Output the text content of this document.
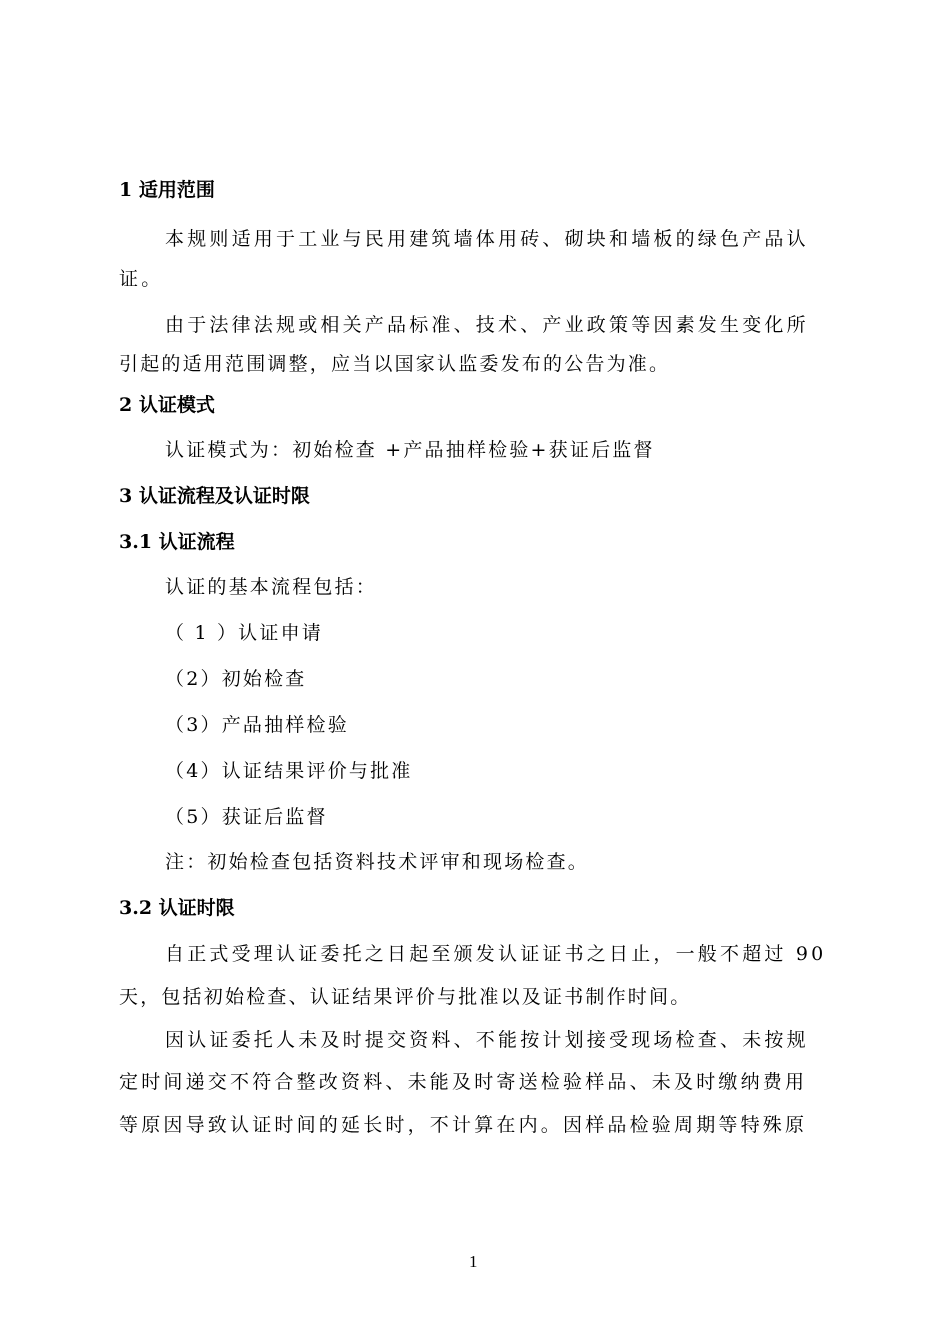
1 适用范围
本规则适用于工业与民用建筑墙体用砖、砌块和墙板的绿色产品认
证。
由于法律法规或相关产品标准、技术、产业政策等因素发生变化所
引起的适用范围调整，应当以国家认监委发布的公告为准。
2 认证模式
认证模式为：初始检查 +产品抽样检验+获证后监督
3 认证流程及认证时限
3.1 认证流程
认证的基本流程包括：
（ 1 ）认证申请
（2）初始检查
（3）产品抽样检验
（4）认证结果评价与批准
（5）获证后监督
注：初始检查包括资料技术评审和现场检查。
3.2 认证时限
自正式受理认证委托之日起至颁发认证证书之日止，一般不超过 90
天，包括初始检查、认证结果评价与批准以及证书制作时间。
因认证委托人未及时提交资料、不能按计划接受现场检查、未按规
定时间递交不符合整改资料、未能及时寄送检验样品、未及时缴纳费用
等原因导致认证时间的延长时，不计算在内。因样品检验周期等特殊原
1
